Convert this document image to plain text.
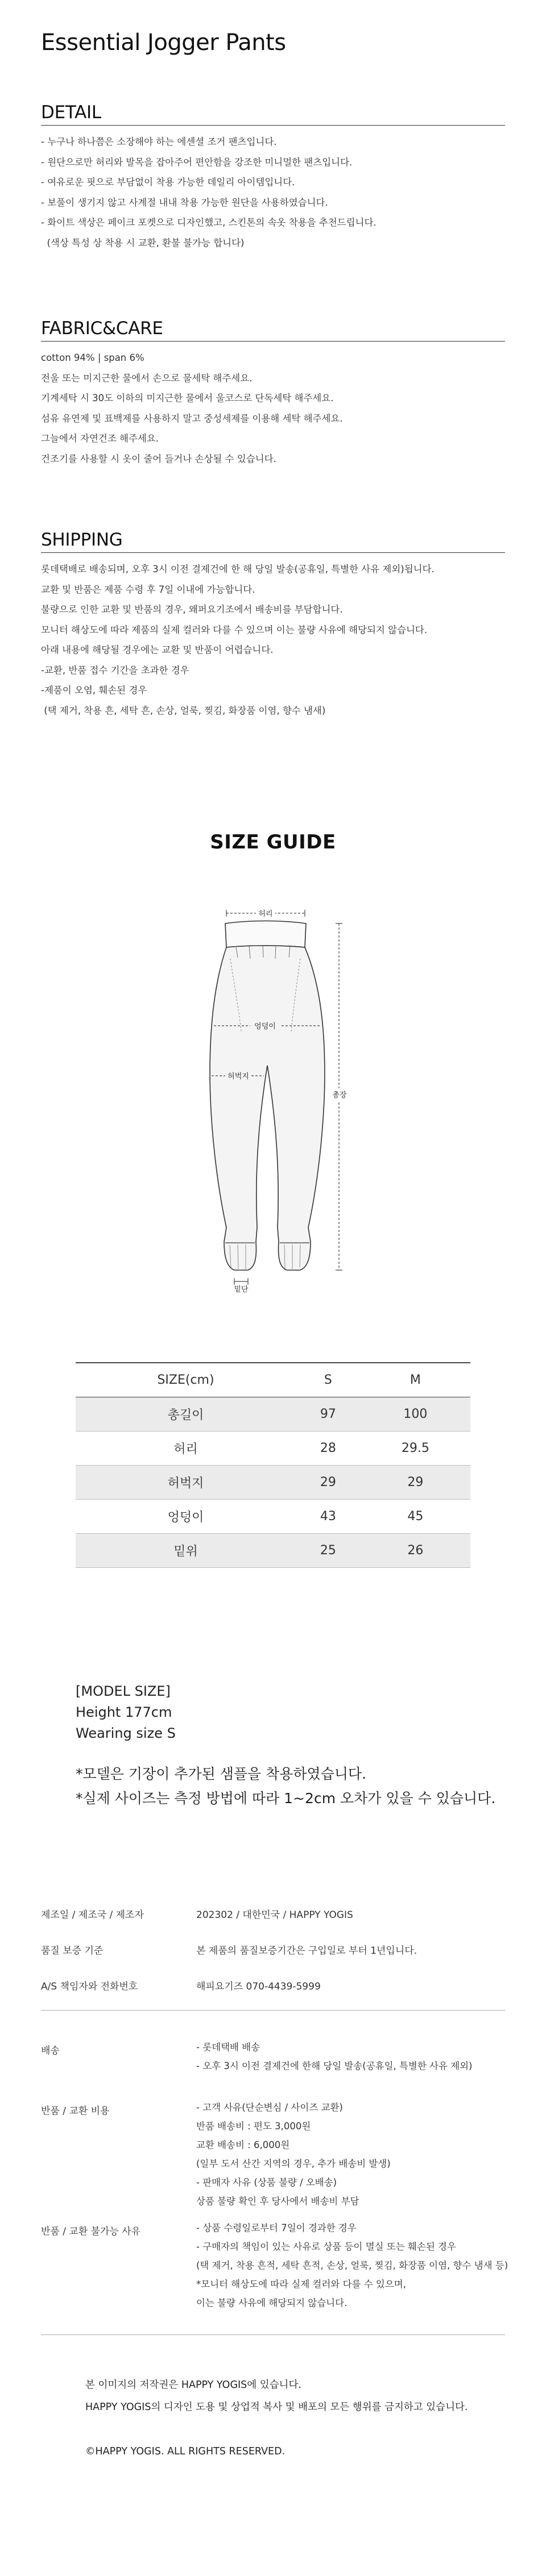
Essential Jogger Pants
DETAIL
- 누구나 하나쯤은 소장해야 하는 에센셜 조거 팬츠입니다.
- 원단으로만 허리와 발목을 잡아주어 편안함을 강조한 미니멀한 팬츠입니다.
- 여유로운 핏으로 부담없이 착용 가능한 데일리 아이템입니다.
- 보풀이 생기지 않고 사계절 내내 착용 가능한 원단을 사용하였습니다.
- 화이트 색상은 페이크 포켓으로 디자인했고, 스킨톤의 속옷 착용을 추천드립니다.
(색상 특성 상 착용 시 교환, 환불 불가능 합니다)
FABRIC&CARE
cotton 94% | span 6%
전울 또는 미지근한 물에서 손으로 물세탁 해주세요.
기계세탁 시 30도 이하의 미지근한 물에서 울코스로 단독세탁 해주세요.
섬유 유연제 및 표백제를 사용하지 말고 중성세제를 이용해 세탁 해주세요.
그늘에서 자연건조 해주세요.
건조기를 사용할 시 옷이 줄어 들거나 손상될 수 있습니다.
SHIPPING
롯데택배로 배송되며, 오후 3시 이전 결제건에 한 해 당일 발송(공휴일, 특별한 사유 제외)됩니다.
교환 및 반품은 제품 수령 후 7일 이내에 가능합니다.
불량으로 인한 교환 및 반품의 경우, 왜퍼요기조에서 배송비를 부담합니다.
모니터 해상도에 따라 제품의 실제 컬러와 다를 수 있으며 이는 불량 사유에 해당되지 않습니다.
아래 내용에 해당될 경우에는 교환 및 반품이 어렵습니다.
-교환, 반품 접수 기간을 초과한 경우
-제품이 오염, 훼손된 경우
(택 제거, 착용 흔, 세탁 흔, 손상, 얼룩, 찢김, 화장품 이염, 향수 냄새)
SIZE GUIDE
허리
엉덩이
허벅지
총장
밑단
SIZE(cm)	S	M
총길이	97	100
허리	28	29.5
허벅지	29	29
엉덩이	43	45
밑위	25	26
[MODEL SIZE]
Height 177cm
Wearing size S
*모델은 기장이 추가된 샘플을 착용하였습니다.
*실제 사이즈는 측정 방법에 따라 1~2cm 오차가 있을 수 있습니다.
제조일 / 제조국 / 제조자	202302 / 대한민국 / HAPPY YOGIS
품질 보증 기준	본 제품의 품질보증기간은 구입일로 부터 1년입니다.
A/S 책임자와 전화번호	해피요기즈 070-4439-5999
배송	- 롯데택배 배송
- 오후 3시 이전 결제건에 한해 당일 발송(공휴일, 특별한 사유 제외)
반품 / 교환 비용	- 고객 사유(단순변심 / 사이즈 교환)
반품 배송비 : 편도 3,000원
교환 배송비 : 6,000원
(일부 도서 산간 지역의 경우, 추가 배송비 발생)
- 판매자 사유 (상품 불량 / 오배송)
상품 불량 확인 후 당사에서 배송비 부담
반품 / 교환 불가능 사유	- 상품 수령일로부터 7일이 경과한 경우
- 구매자의 책임이 있는 사유로 상품 등이 멸실 또는 훼손된 경우
(택 제거, 착용 흔적, 세탁 흔적, 손상, 얼룩, 찢김, 화장품 이염, 향수 냄새 등)
*모니터 해상도에 따라 실제 컬러와 다를 수 있으며,
이는 불량 사유에 해당되지 않습니다.
본 이미지의 저작권은 HAPPY YOGIS에 있습니다.
HAPPY YOGIS의 디자인 도용 및 상업적 복사 및 배포의 모든 행위를 금지하고 있습니다.
©HAPPY YOGIS. ALL RIGHTS RESERVED.
